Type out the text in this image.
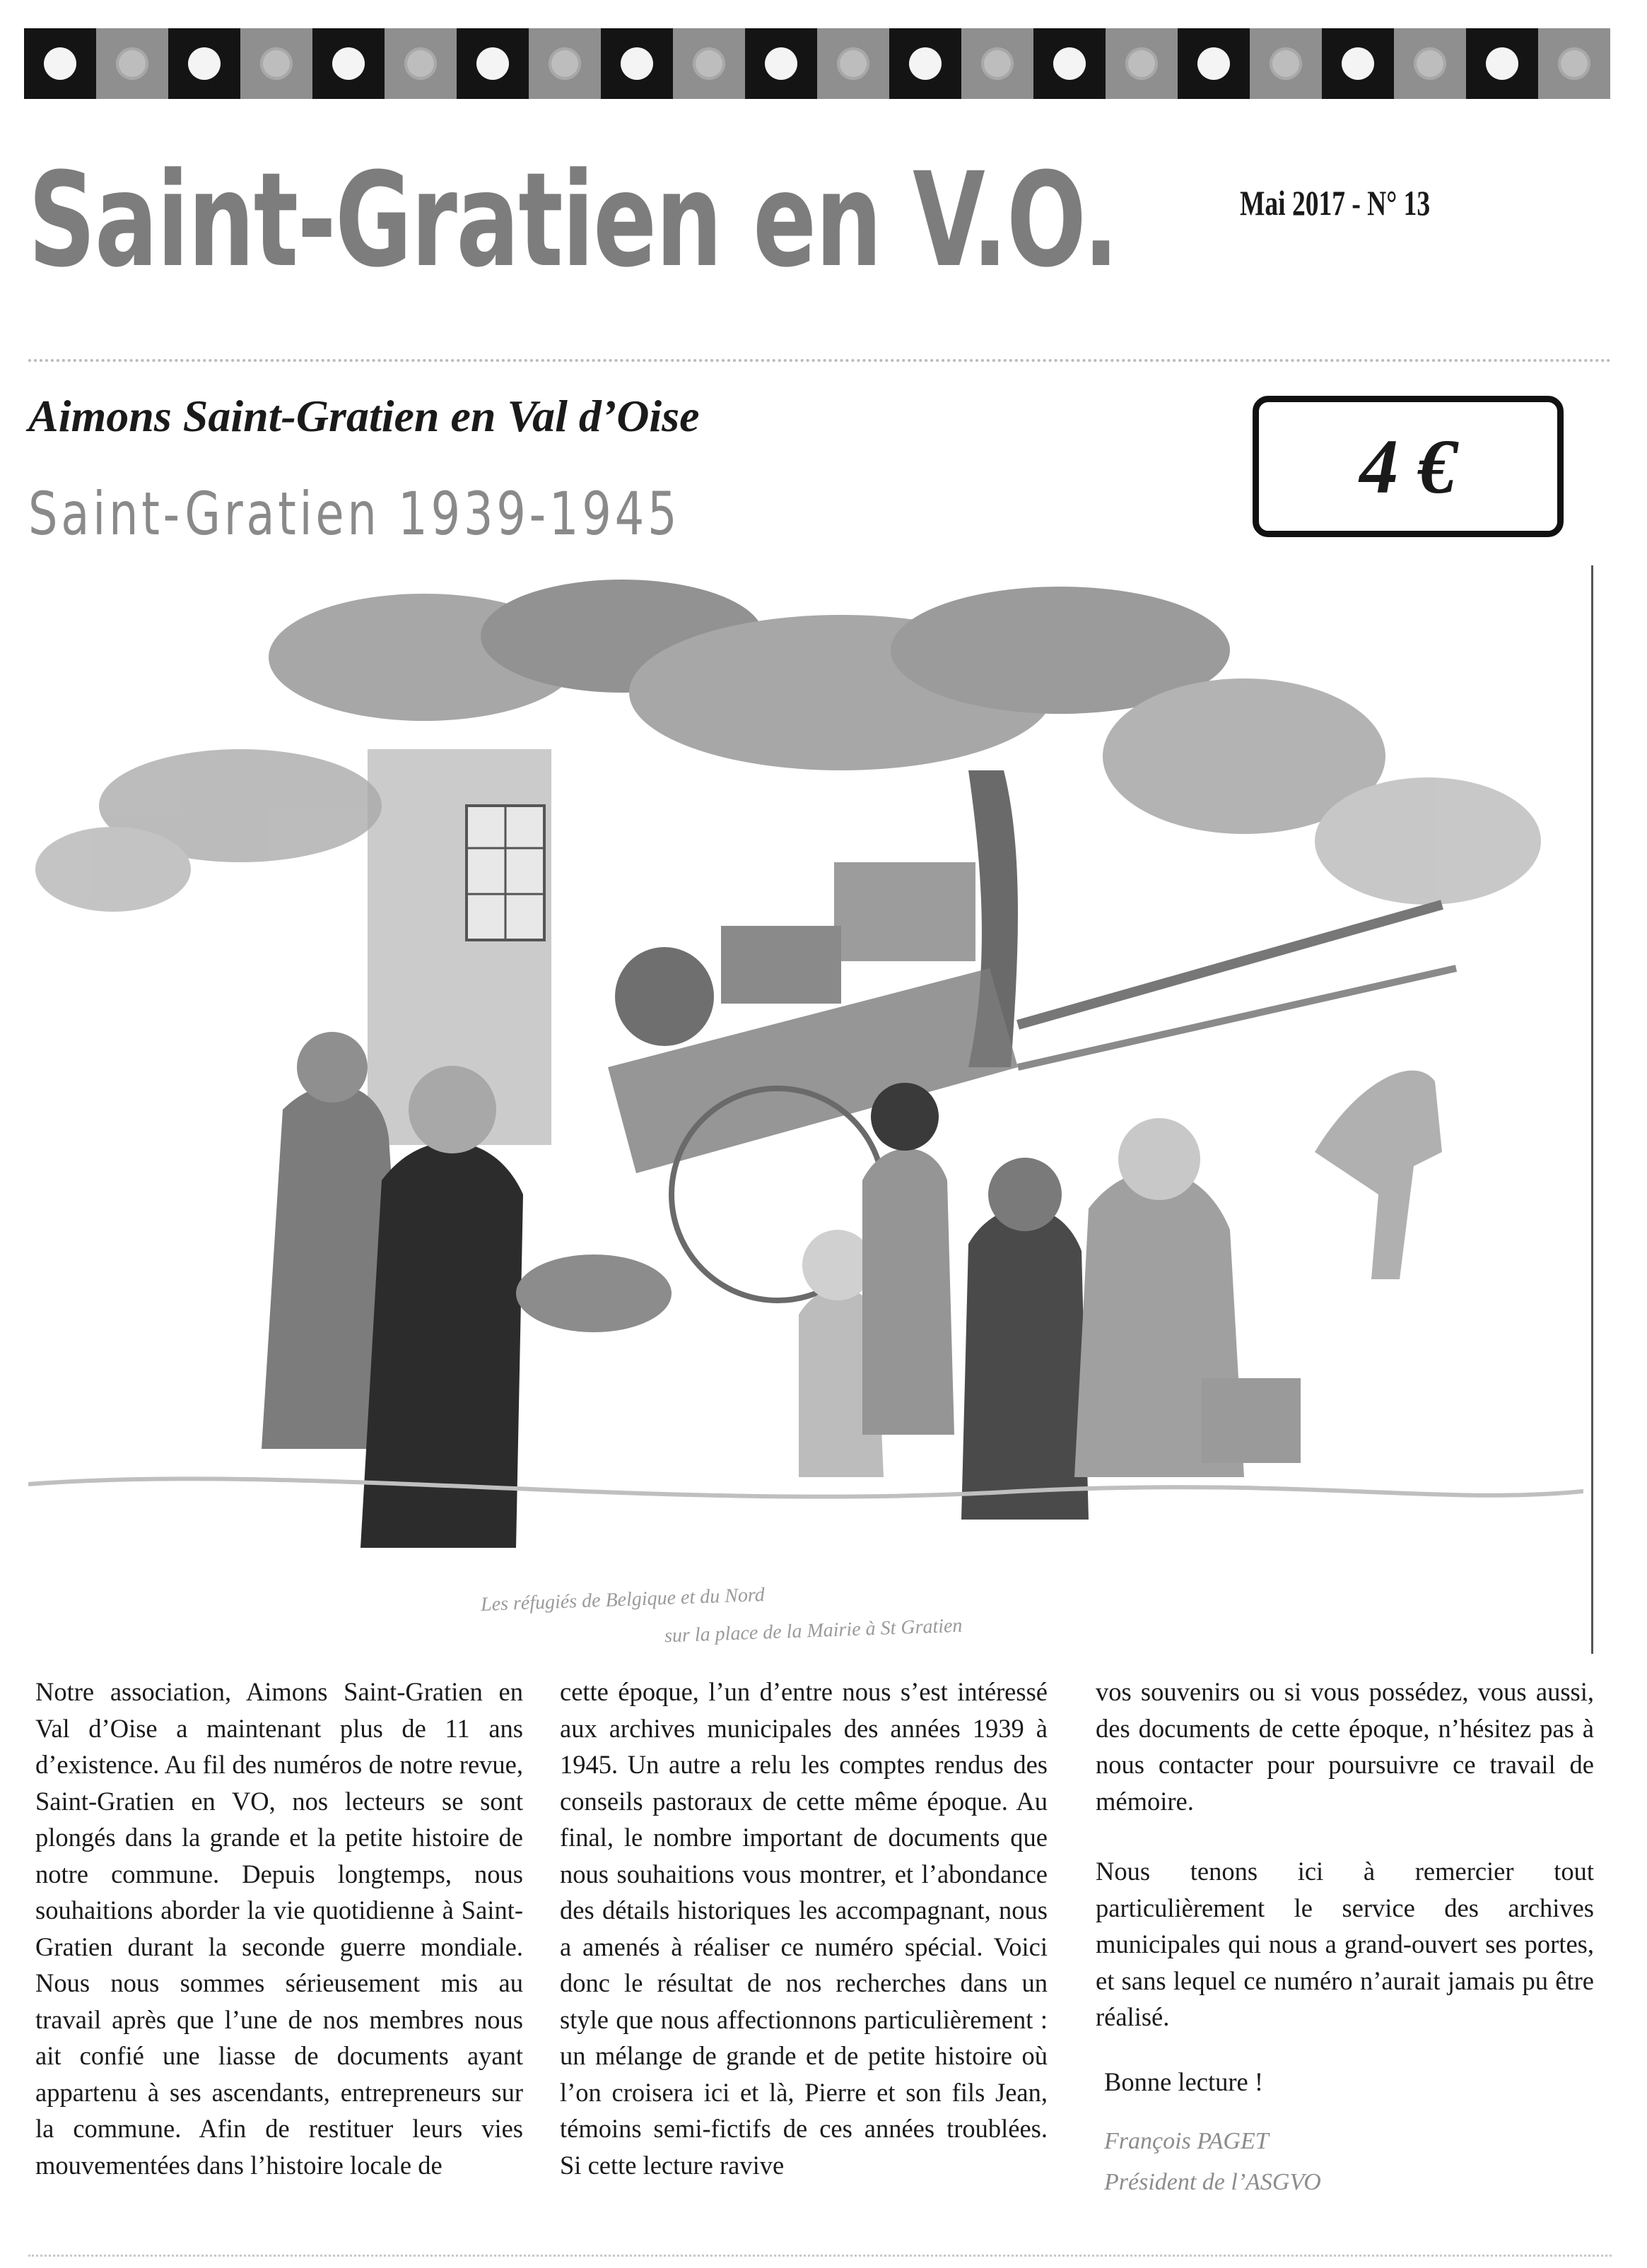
Saint-Gratien en V.O.	Mai 2017 - N° 13
Aimons Saint-Gratien en Val d’Oise
Saint-Gratien 1939-1945
4 €
Les réfugiés de Belgique et du Nord
sur la place de la Mairie à St Gratien

Notre association, Aimons Saint-Gratien en Val d’Oise a maintenant plus de 11 ans d’existence. Au fil des numéros de notre revue, Saint-Gratien en VO, nos lecteurs se sont plongés dans la grande et la petite histoire de notre commune. Depuis longtemps, nous souhaitions aborder la vie quotidienne à Saint-Gratien durant la seconde guerre mondiale. Nous nous sommes sérieusement mis au travail après que l’une de nos membres nous ait confié une liasse de documents ayant appartenu à ses ascendants, entrepreneurs sur la commune. Afin de restituer leurs vies mouvementées dans l’histoire locale de

cette époque, l’un d’entre nous s’est intéressé aux archives municipales des années 1939 à 1945. Un autre a relu les comptes rendus des conseils pastoraux de cette même époque. Au final, le nombre important de documents que nous souhaitions vous montrer, et l’abondance des détails historiques les accompagnant, nous a amenés à réaliser ce numéro spécial. Voici donc le résultat de nos recherches dans un style que nous affectionnons particulièrement : un mélange de grande et de petite histoire où l’on croisera ici et là, Pierre et son fils Jean, témoins semi-fictifs de ces années troublées. Si cette lecture ravive

vos souvenirs ou si vous possédez, vous aussi, des documents de cette époque, n’hésitez pas à nous contacter pour poursuivre ce travail de mémoire.

Nous tenons ici à remercier tout particulièrement le service des archives municipales qui nous a grand-ouvert ses portes, et sans lequel ce numéro n’aurait jamais pu être réalisé.

Bonne lecture !

François PAGET
Président de l’ASGVO
